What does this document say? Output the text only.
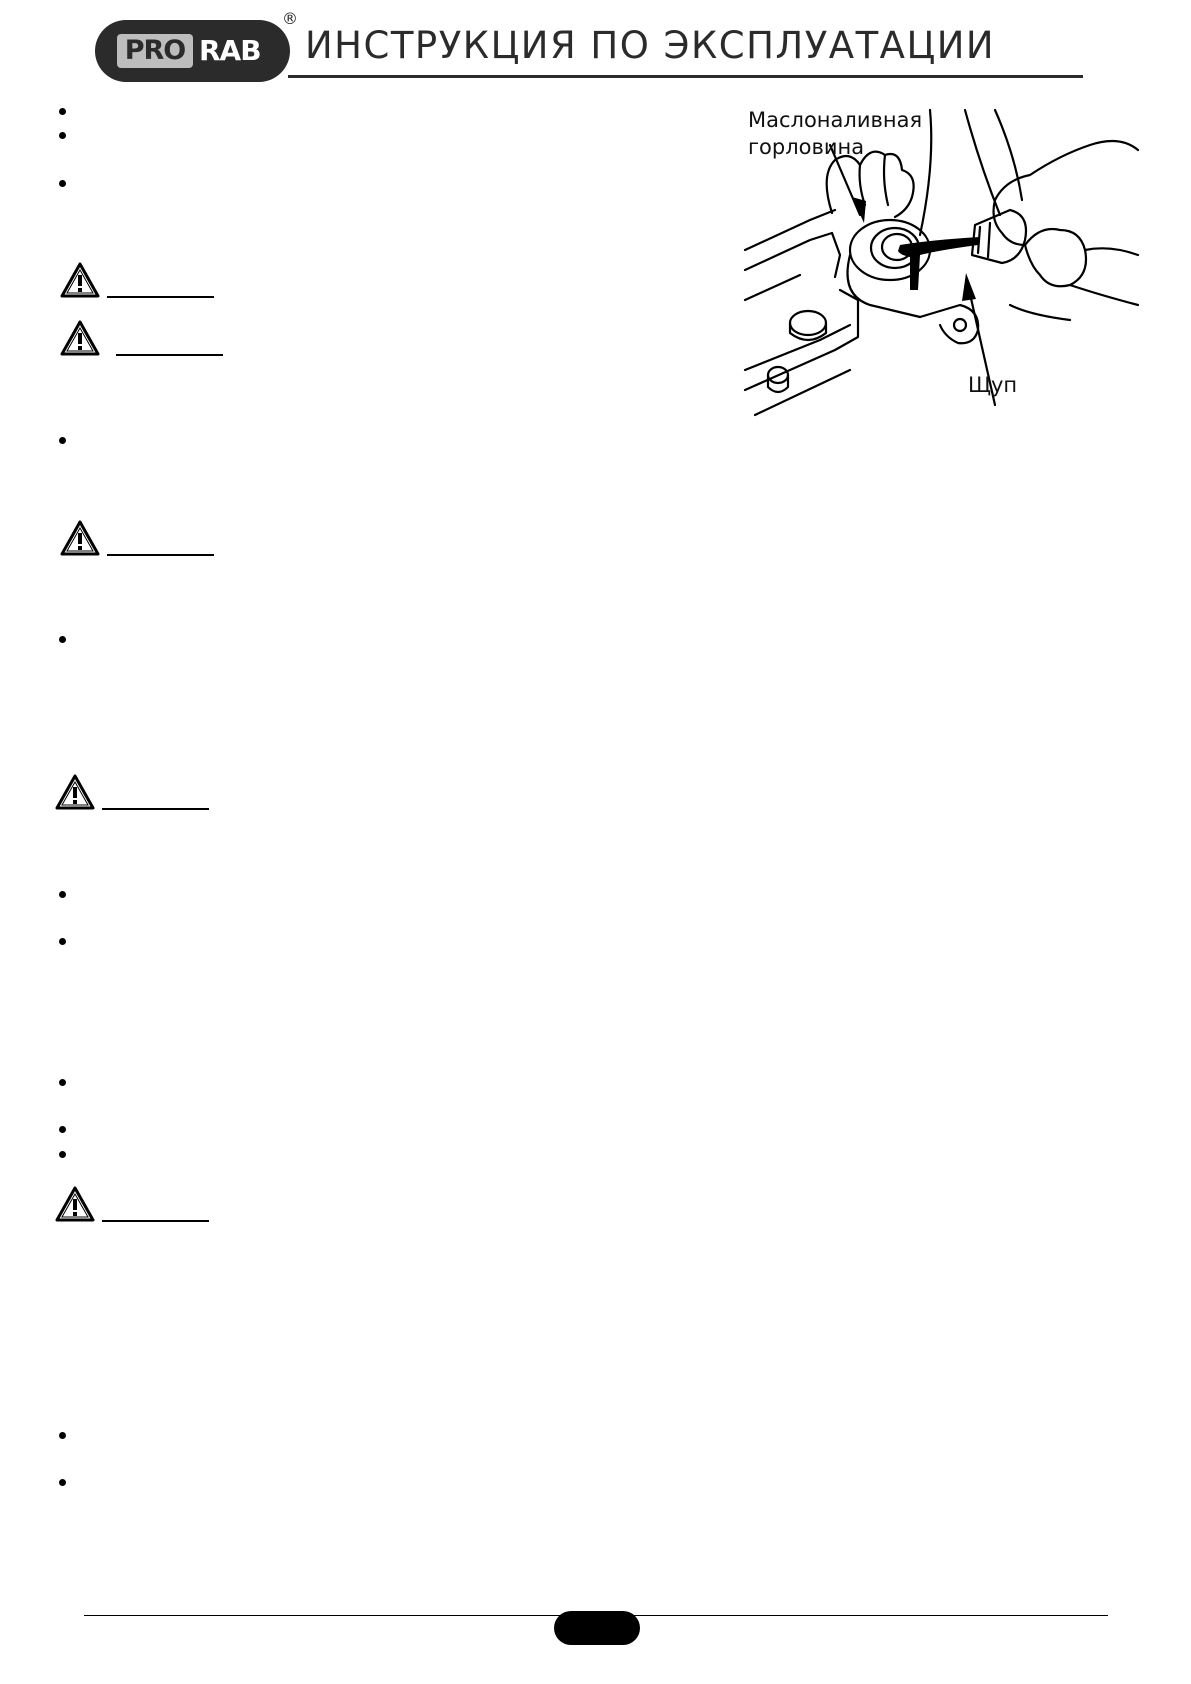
PRO RAB
®
ИНСТРУКЦИЯ ПО ЭКСПЛУАТАЦИИ
Маслоналивная
горловина
Щуп
